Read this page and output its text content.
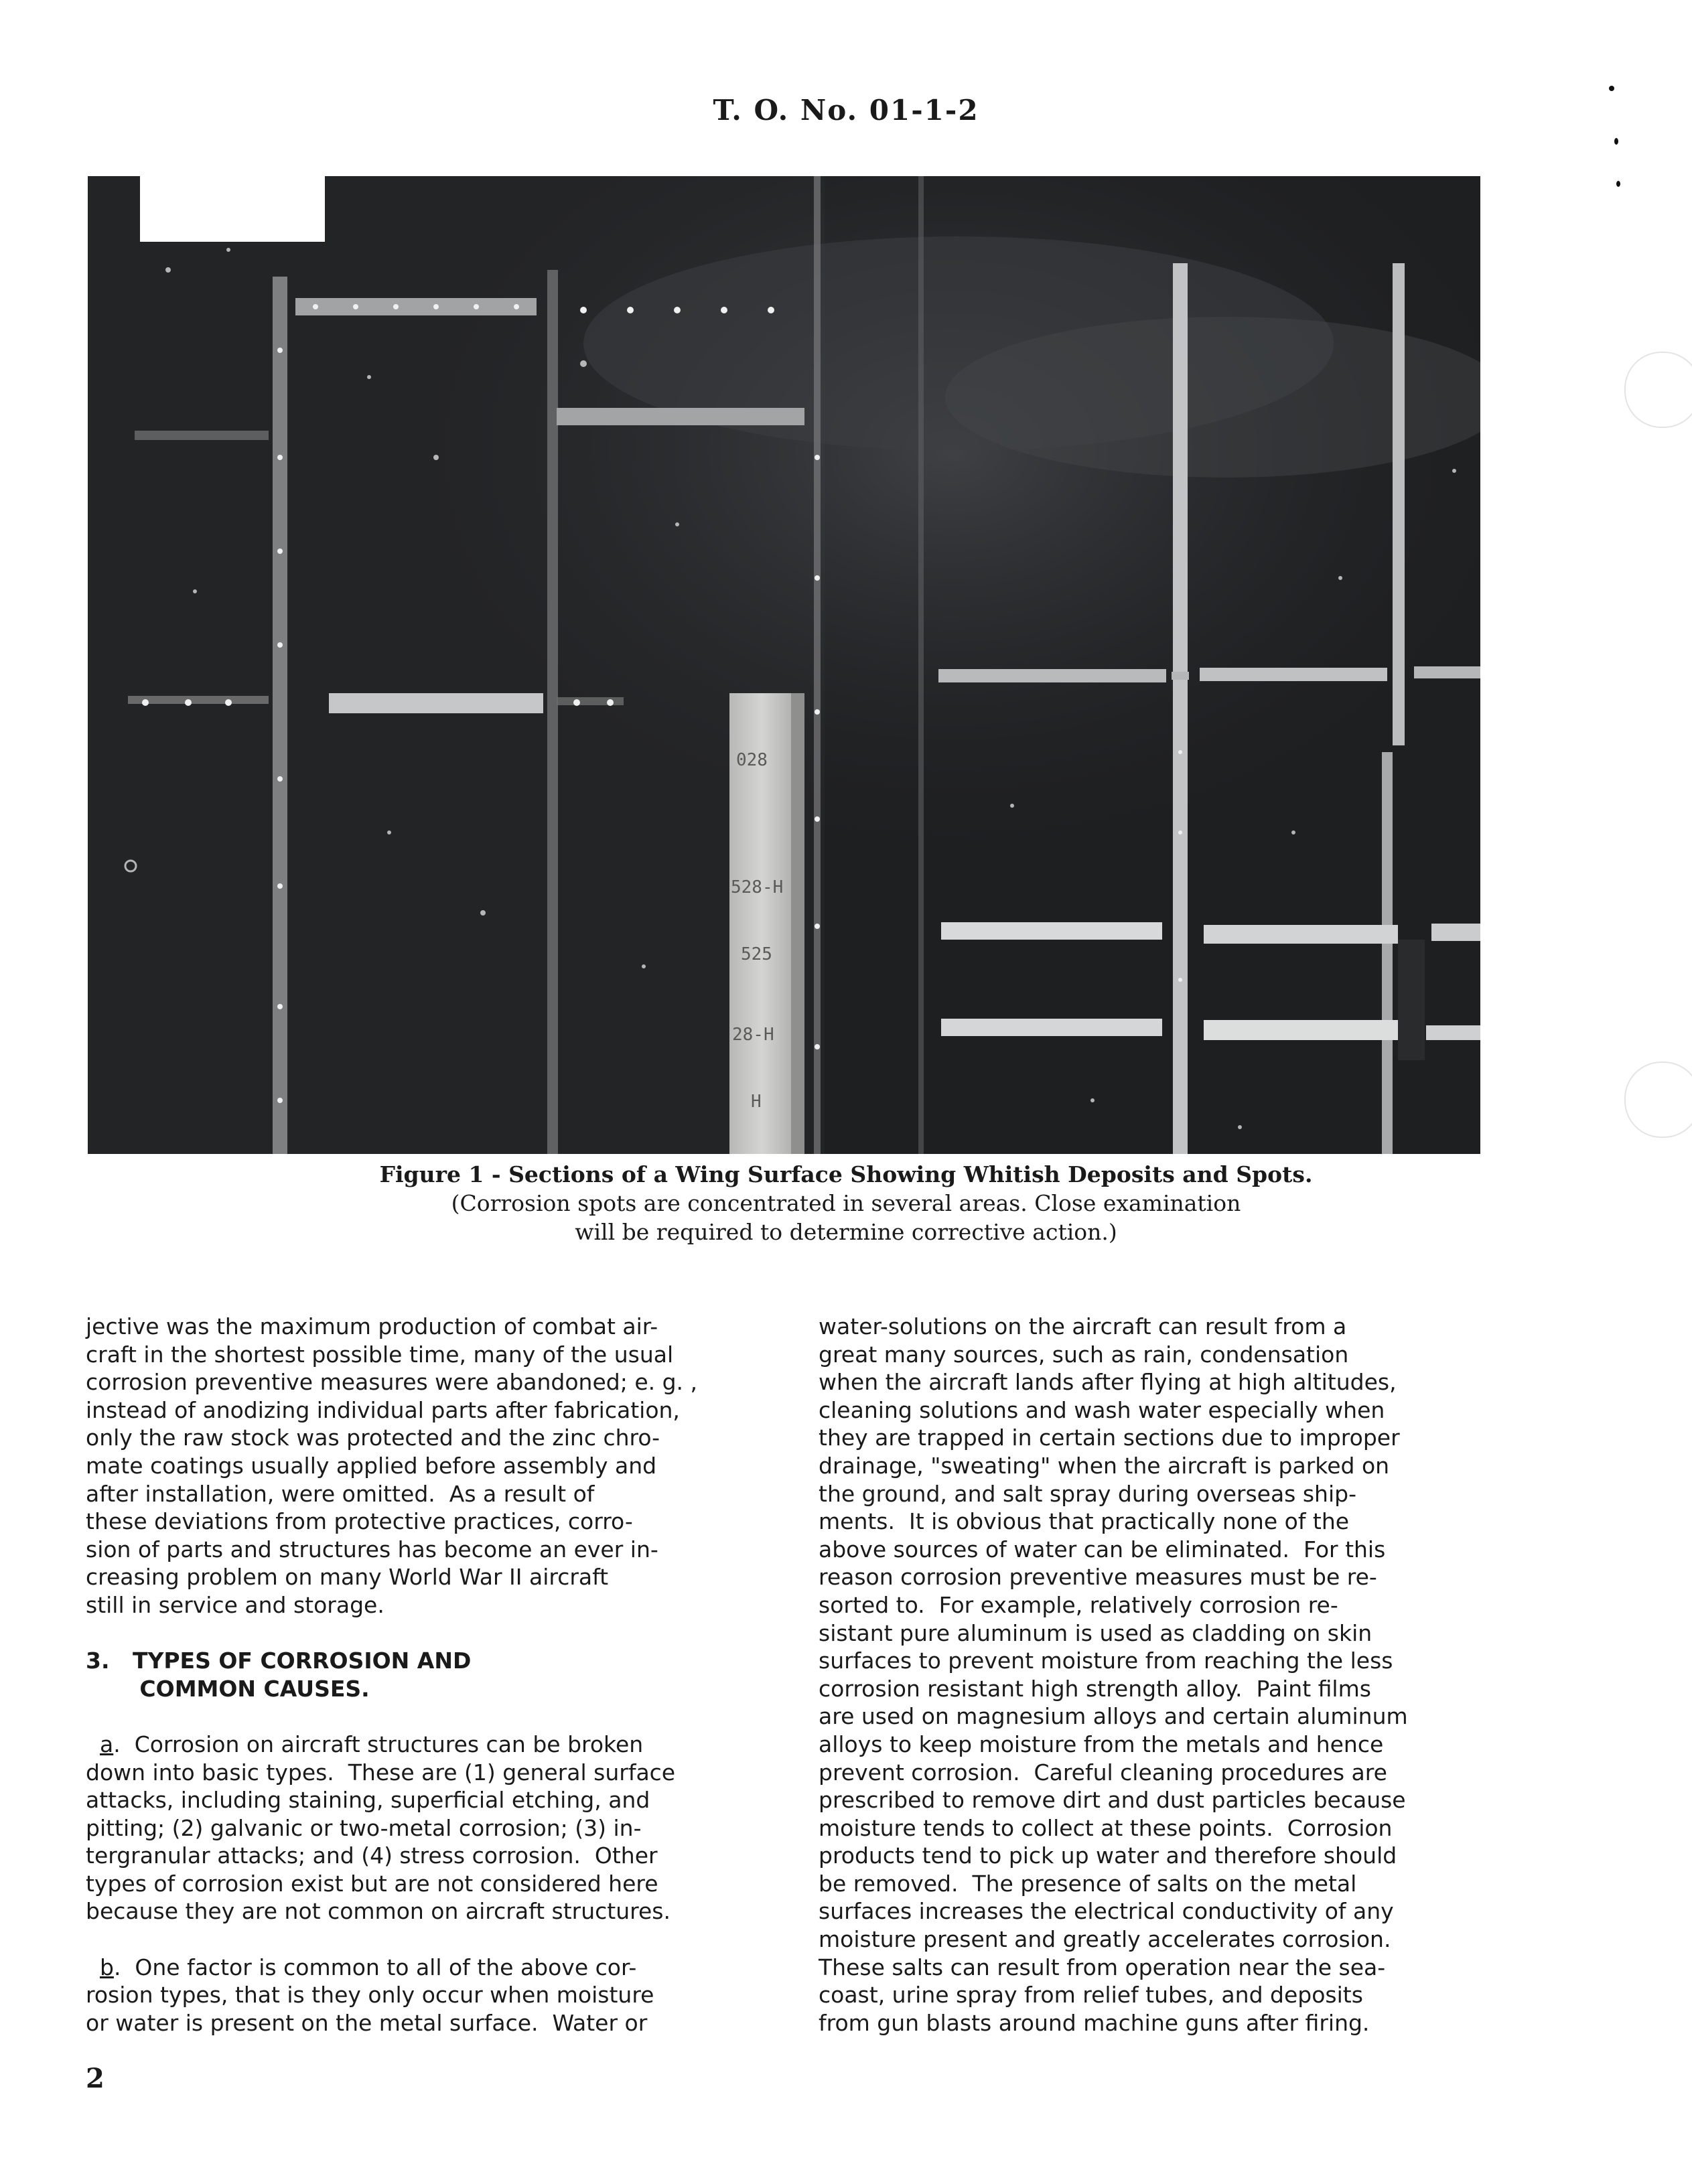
T. O. No. 01-1-2
028
528-H
525
28-H
H
Figure 1 - Sections of a Wing Surface Showing Whitish Deposits and Spots.
(Corrosion spots are concentrated in several areas. Close examination
will be required to determine corrective action.)
jective was the maximum production of combat air-
craft in the shortest possible time, many of the usual
corrosion preventive measures were abandoned; e. g. ,
instead of anodizing individual parts after fabrication,
only the raw stock was protected and the zinc chro-
mate coatings usually applied before assembly and
after installation, were omitted.  As a result of
these deviations from protective practices, corro-
sion of parts and structures has become an ever in-
creasing problem on many World War II aircraft
still in service and storage.
3.   TYPES OF CORROSION AND
COMMON CAUSES.
a.  Corrosion on aircraft structures can be broken
down into basic types.  These are (1) general surface
attacks, including staining, superficial etching, and
pitting; (2) galvanic or two-metal corrosion; (3) in-
tergranular attacks; and (4) stress corrosion.  Other
types of corrosion exist but are not considered here
because they are not common on aircraft structures.
b.  One factor is common to all of the above cor-
rosion types, that is they only occur when moisture
or water is present on the metal surface.  Water or
water-solutions on the aircraft can result from a
great many sources, such as rain, condensation
when the aircraft lands after flying at high altitudes,
cleaning solutions and wash water especially when
they are trapped in certain sections due to improper
drainage, "sweating" when the aircraft is parked on
the ground, and salt spray during overseas ship-
ments.  It is obvious that practically none of the
above sources of water can be eliminated.  For this
reason corrosion preventive measures must be re-
sorted to.  For example, relatively corrosion re-
sistant pure aluminum is used as cladding on skin
surfaces to prevent moisture from reaching the less
corrosion resistant high strength alloy.  Paint films
are used on magnesium alloys and certain aluminum
alloys to keep moisture from the metals and hence
prevent corrosion.  Careful cleaning procedures are
prescribed to remove dirt and dust particles because
moisture tends to collect at these points.  Corrosion
products tend to pick up water and therefore should
be removed.  The presence of salts on the metal
surfaces increases the electrical conductivity of any
moisture present and greatly accelerates corrosion.
These salts can result from operation near the sea-
coast, urine spray from relief tubes, and deposits
from gun blasts around machine guns after firing.
2
